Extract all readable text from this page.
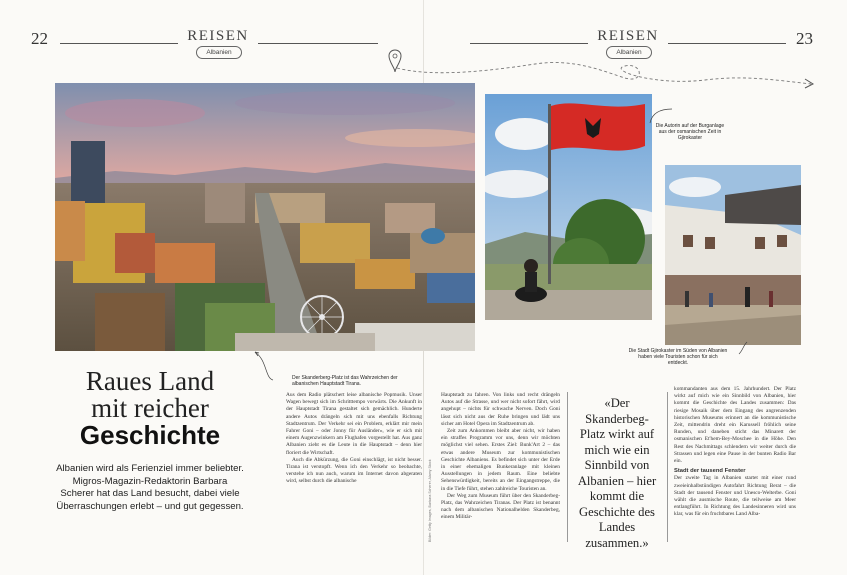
22	23
REISEN
Albanien
REISEN
Albanien
Der Skanderberg-Platz ist das Wahrzeichen der albanischen Hauptstadt Tirana.
Raues Land
mit reicher
Geschichte
Albanien wird als Ferienziel immer beliebter. Migros-Magazin-Redaktorin Barbara Scherer hat das Land besucht, dabei viele Überraschungen erlebt – und gut gegessen.

Aus dem Radio plätschert leise albanische Popmusik. Unser Wagen bewegt sich im Schritttempo vorwärts. Die Ankunft in der Hauptstadt Tirana gestaltet sich gemächlich. Hunderte andere Autos drängeln sich mit uns ebenfalls Richtung Stadtzentrum. Der Verkehr sei ein Problem, erklärt mir mein Fahrer Goni – oder Jonny für Ausländer«, wie er sich mit einem Augenzwinkern am Flughafen vorgestellt hat. Aus ganz Albanien zieht es die Leute in die Hauptstadt – denn hier floriert die Wirtschaft.

Auch die Abkürzung, die Goni einschlägt, ist nicht besser. Tirana ist verstopft. Wenn ich den Verkehr so beobachte, verstehe ich nun auch, warum im Internet davon abgeraten wird, selbst durch die albanische	Bilder: Getty Images, Barbara Scherer, Alamy Stock

Hauptstadt zu fahren. Von links und recht drängeln Autos auf die Strasse, und wer nicht sofort fährt, wird angehupt – nichts für schwache Nerven. Doch Goni lässt sich nicht aus der Ruhe bringen und lädt uns sicher am Hotel Opera im Stadtzentrum ab.

Zeit zum Ankommen bleibt aber nicht, wir haben ein straffes Programm vor uns, denn wir möchten möglichst viel sehen. Erstes Ziel: Bunk'Art 2 – das etwas andere Museum zur kommunistischen Geschichte Albaniens. Es befindet sich unter der Erde in einer ehemaligen Bunkeranlage mit kleinen Ausstellungen in jedem Raum. Eine beliebte Sehenswürdigkeit, bereits an der Eingangstreppe, die in die Tiefe führt, stehen zahlreiche Touristen an.

Der Weg zum Museum führt über den Skanderbeg-Platz, das Wahrzeichen Tiranas. Der Platz ist benannt nach dem albanischen Nationalhelden Skanderbeg, einem Militär-

«Der Skanderbeg-Platz wirkt auf mich wie ein Sinnbild von Albanien – hier kommt die Geschichte des Landes zusammen.»

kommandanten aus dem 15. Jahrhundert. Der Platz wirkt auf mich wie ein Sinnbild von Albanien, hier kommt die Geschichte des Landes zusammen: Das riesige Mosaik über dem Eingang des angrenzenden historischen Museums erinnert an die kommunistische Zeit, mittendrin dreht ein Karussell fröhlich seine Runden, und daneben sticht das Minarett der osmanischen Et'hem-Bey-Moschee in die Höhe. Den Rest des Nachmittags schlendern wir weiter durch die Strassen und legen eine Pause in der bunten Radio Bar ein.

Stadt der tausend Fenster

Der zweite Tag in Albanien startet mit einer rund zweieinhalbstündigen Autofahrt Richtung Berat – die Stadt der tausend Fenster und Unesco-Welterbe. Goni wählt die ausmische Route, die teilweise am Meer entlangführt. In Richtung des Landesinneren wird uns klar, was für ein fruchtbares Land Alba-

Die Autorin auf der Burganlage aus der osmanischen Zeit in Gjirokaster
Die Stadt Gjirokaster im Süden von Albanien haben viele Touristen schon für sich entdeckt.
